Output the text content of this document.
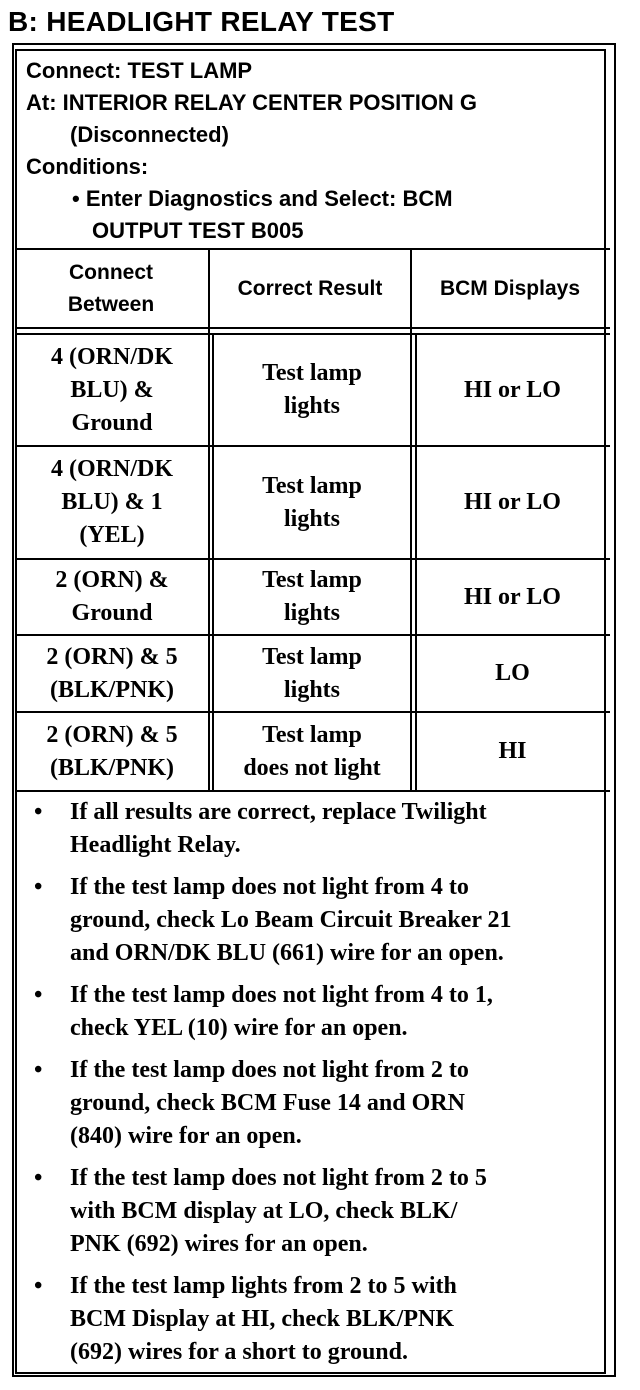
B: HEADLIGHT RELAY TEST
Connect: TEST LAMP
At: INTERIOR RELAY CENTER POSITION G
(Disconnected)
Conditions:
• Enter Diagnostics and Select: BCM
OUTPUT TEST B005
Connect
Between
Correct Result	BCM Displays
4 (ORN/DK
BLU) &
Ground
Test lamp
lights
HI or LO
4 (ORN/DK
BLU) & 1
(YEL)
Test lamp
lights
HI or LO
2 (ORN) &
Ground
Test lamp
lights
HI or LO
2 (ORN) & 5
(BLK/PNK)
Test lamp
lights
LO
2 (ORN) & 5
(BLK/PNK)
Test lamp
does not light
HI
• If all results are correct, replace Twilight
Headlight Relay.
• If the test lamp does not light from 4 to
ground, check Lo Beam Circuit Breaker 21
and ORN/DK BLU (661) wire for an open.
• If the test lamp does not light from 4 to 1,
check YEL (10) wire for an open.
• If the test lamp does not light from 2 to
ground, check BCM Fuse 14 and ORN
(840) wire for an open.
• If the test lamp does not light from 2 to 5
with BCM display at LO, check BLK/
PNK (692) wires for an open.
• If the test lamp lights from 2 to 5 with
BCM Display at HI, check BLK/PNK
(692) wires for a short to ground.
